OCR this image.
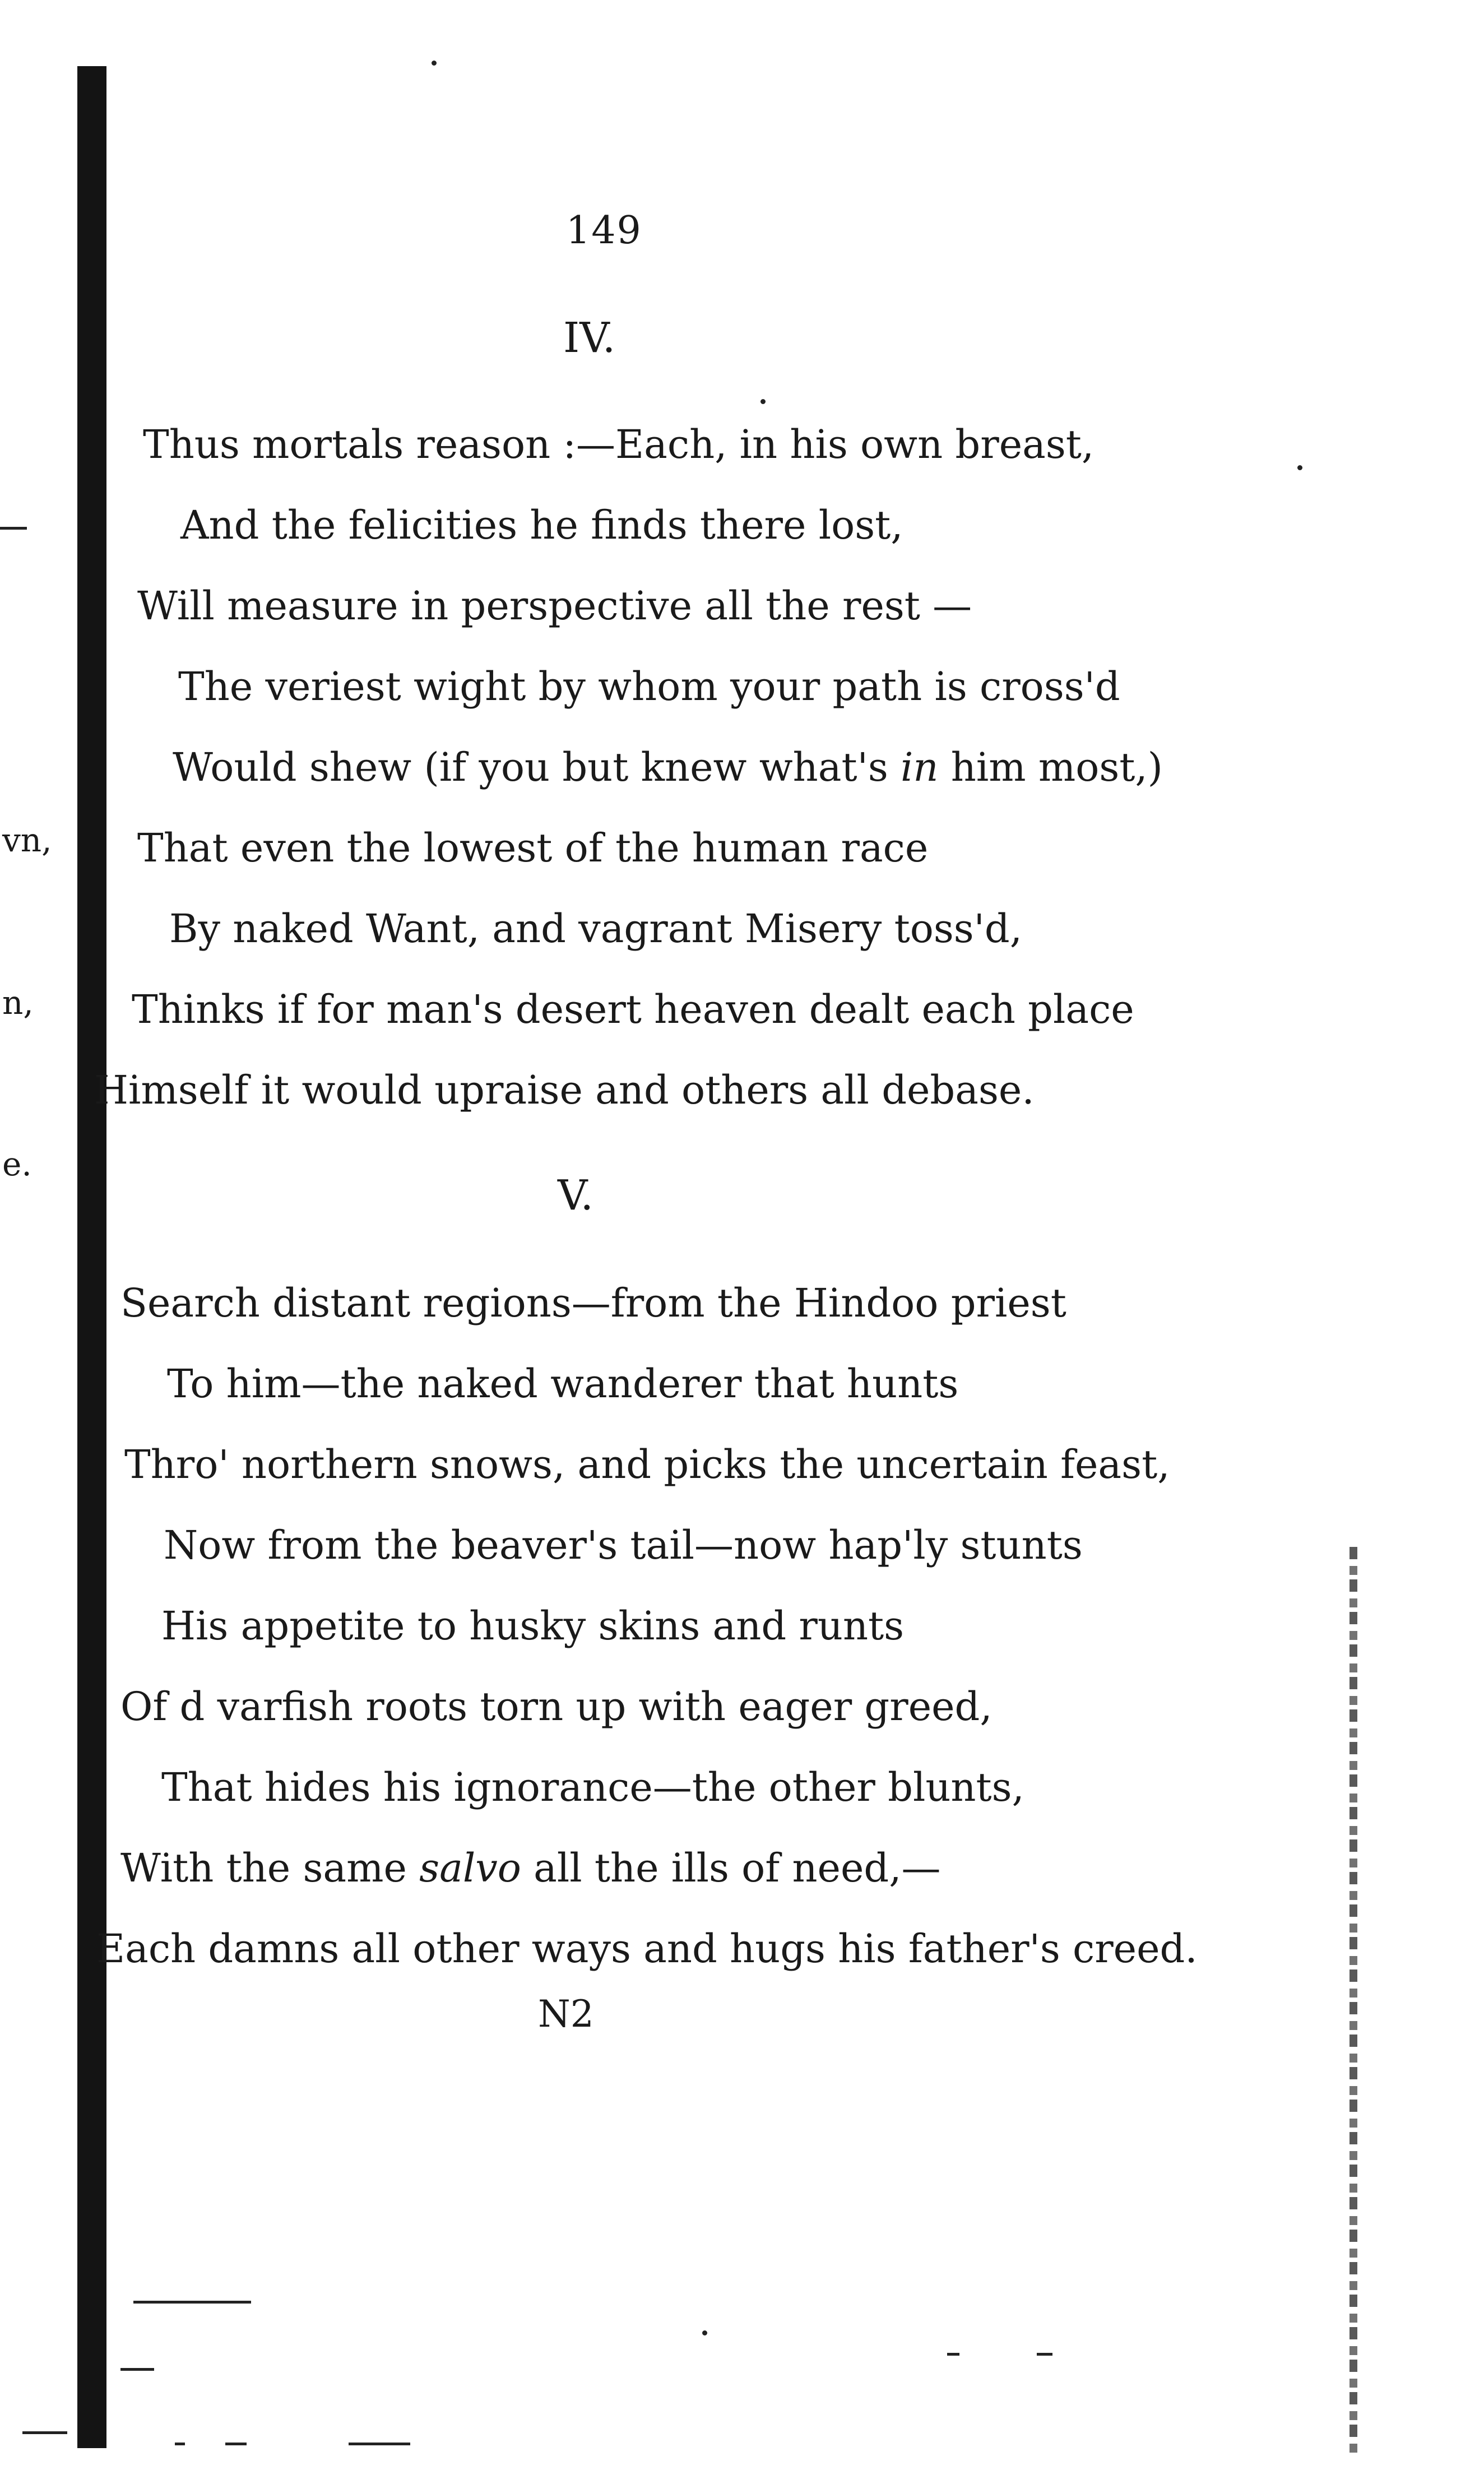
vn,
n,
e.
149
IV.
Thus mortals reason :—Each, in his own breast,
And the felicities he finds there lost,
Will measure in perspective all the rest —
The veriest wight by whom your path is cross'd
Would shew (if you but knew what's in him most,)
That even the lowest of the human race
By naked Want, and vagrant Misery toss'd,
Thinks if for man's desert heaven dealt each place
Himself it would upraise and others all debase.
V.
Search distant regions—from the Hindoo priest
To him—the naked wanderer that hunts
Thro' northern snows, and picks the uncertain feast,
Now from the beaver's tail—now hap'ly stunts
His appetite to husky skins and runts
Of d varfish roots torn up with eager greed,
That hides his ignorance—the other blunts,
With the same salvo all the ills of need,—
Each damns all other ways and hugs his father's creed.
N2
